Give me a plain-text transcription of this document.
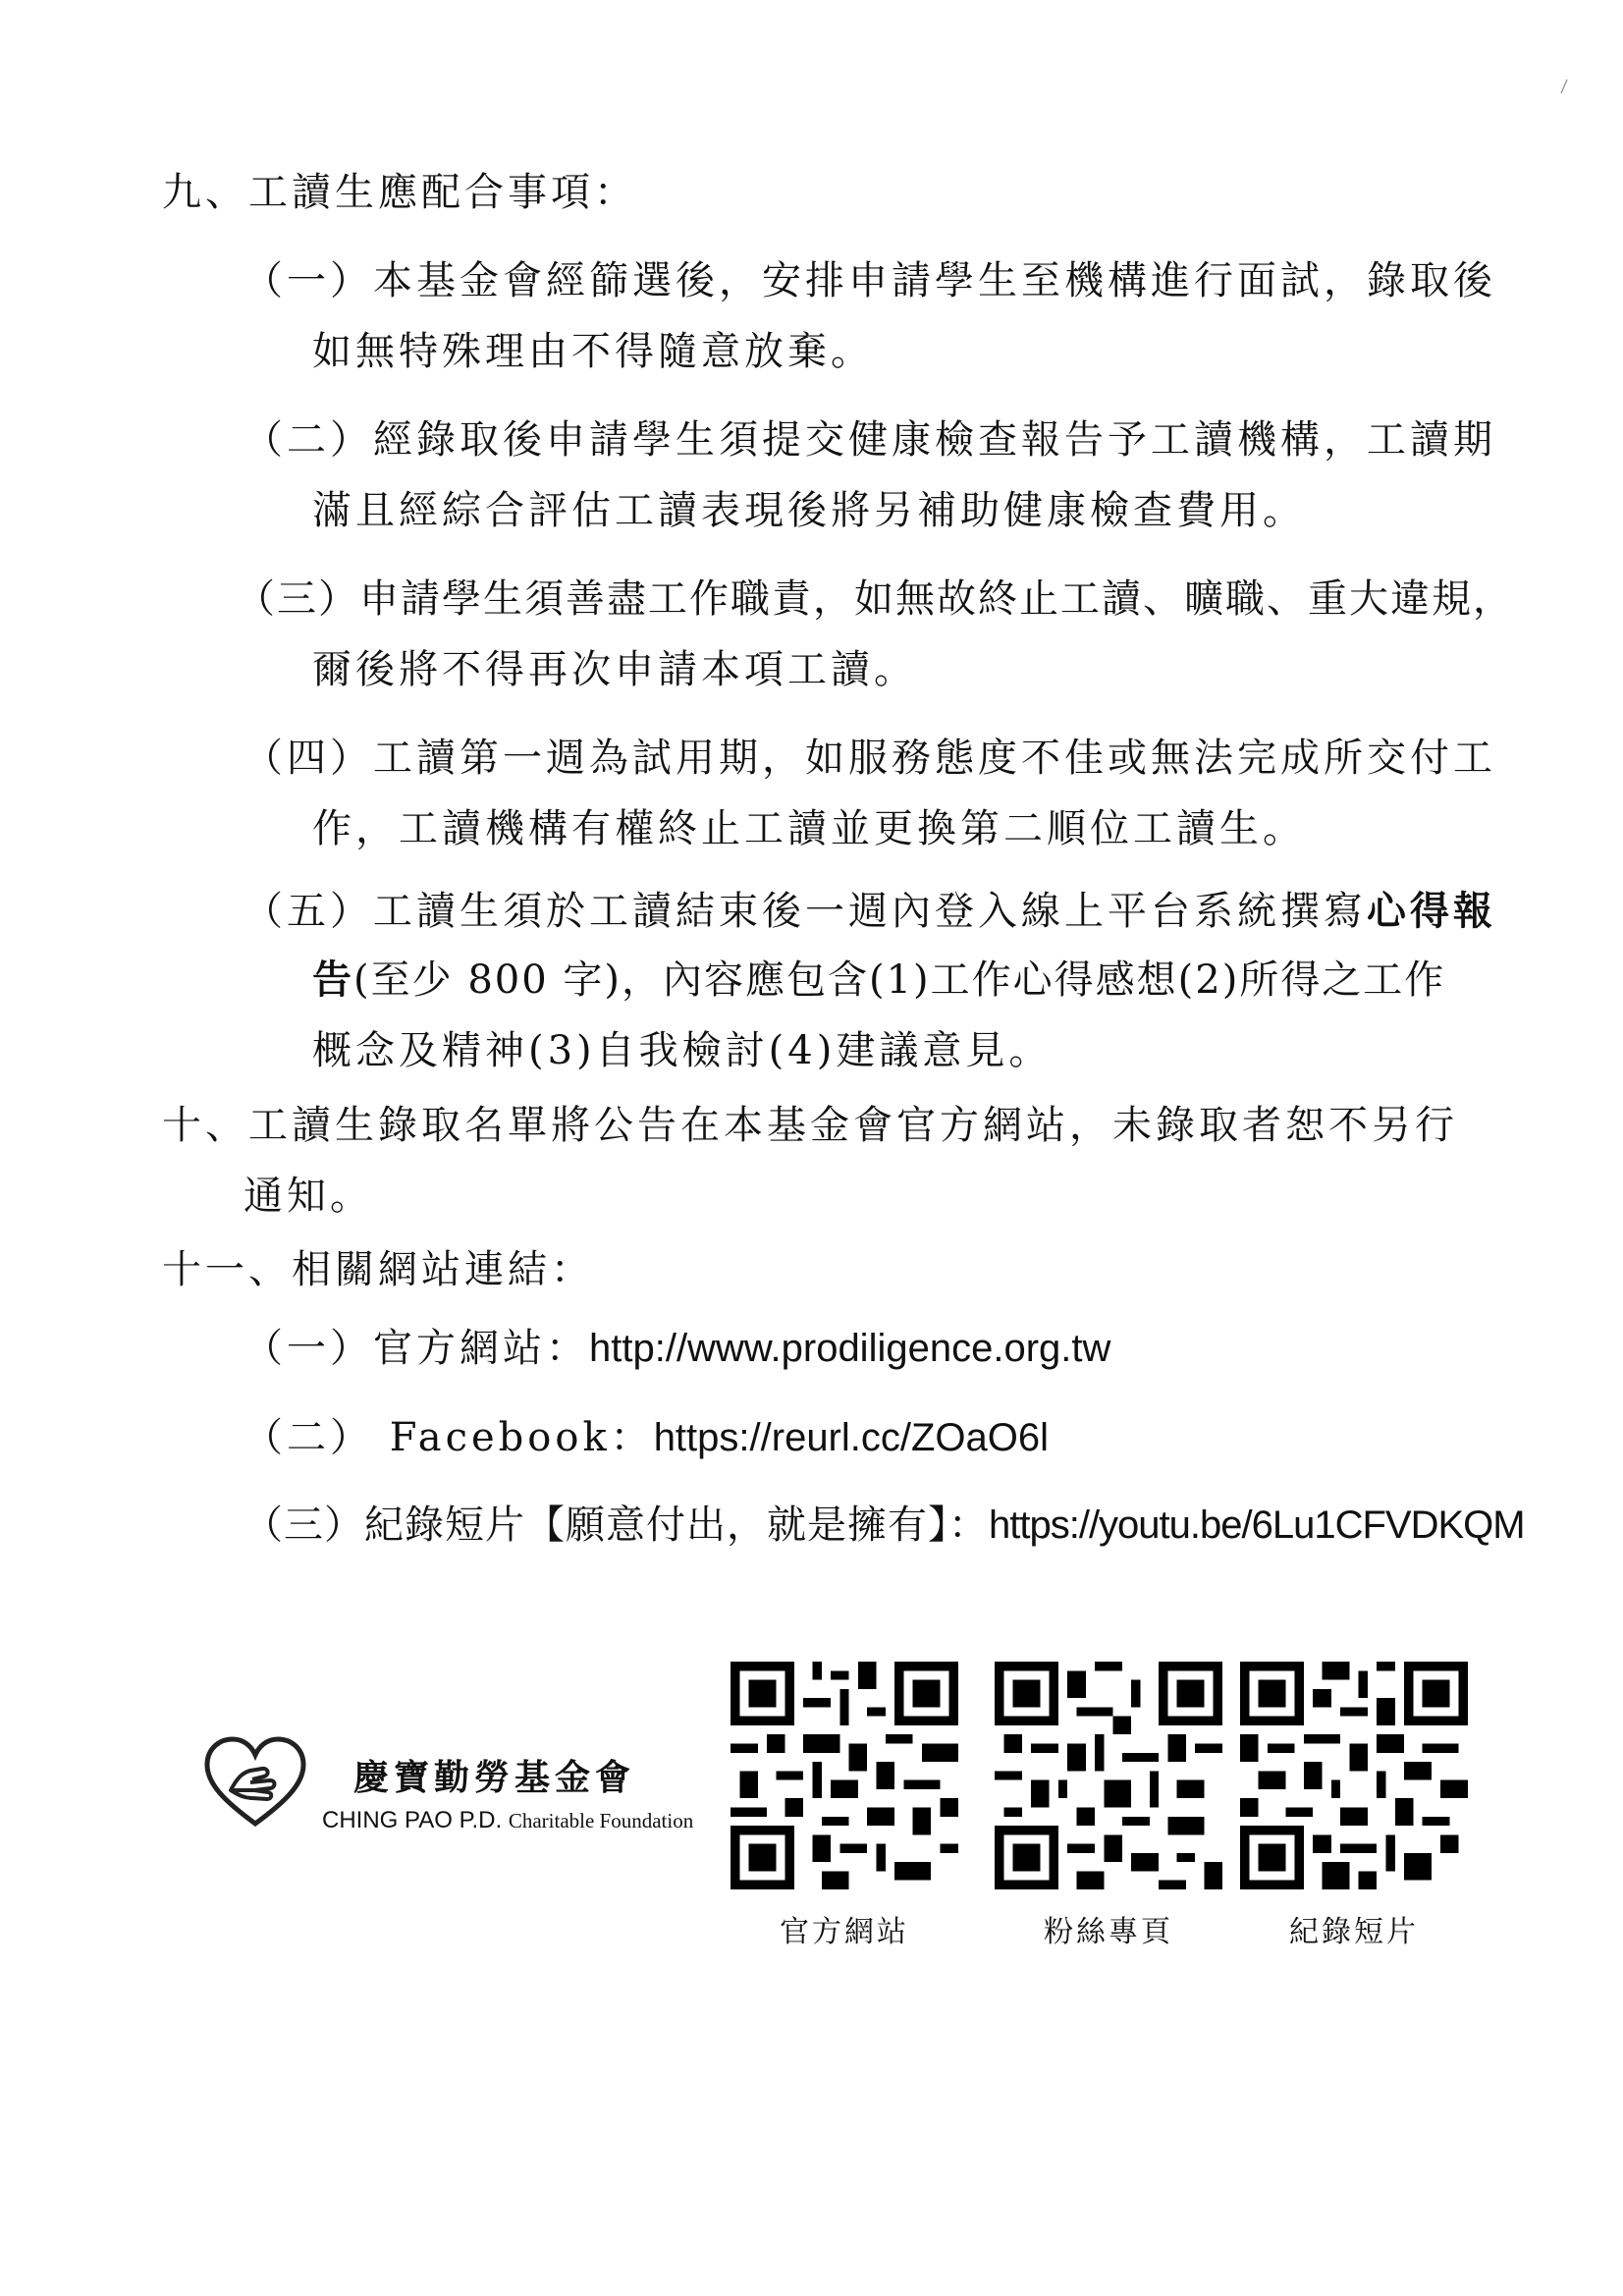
九、工讀生應配合事項：
（一）本基金會經篩選後，安排申請學生至機構進行面試，錄取後
如無特殊理由不得隨意放棄。
（二）經錄取後申請學生須提交健康檢查報告予工讀機構，工讀期
滿且經綜合評估工讀表現後將另補助健康檢查費用。
（三）申請學生須善盡工作職責，如無故終止工讀、曠職、重大違規，
爾後將不得再次申請本項工讀。
（四）工讀第一週為試用期，如服務態度不佳或無法完成所交付工
作，工讀機構有權終止工讀並更換第二順位工讀生。
（五）工讀生須於工讀結束後一週內登入線上平台系統撰寫心得報
告(至少 800 字)，內容應包含(1)工作心得感想(2)所得之工作
概念及精神(3)自我檢討(4)建議意見。
十、工讀生錄取名單將公告在本基金會官方網站，未錄取者恕不另行
通知。
十一、相關網站連結：
（一）官方網站：http://www.prodiligence.org.tw
（二） Facebook：https://reurl.cc/ZOaO6l
（三）紀錄短片【願意付出，就是擁有】：https://youtu.be/6Lu1CFVDKQM
慶寶勤勞基金會
CHING PAO P.D. Charitable Foundation
官方網站	粉絲專頁	紀錄短片
